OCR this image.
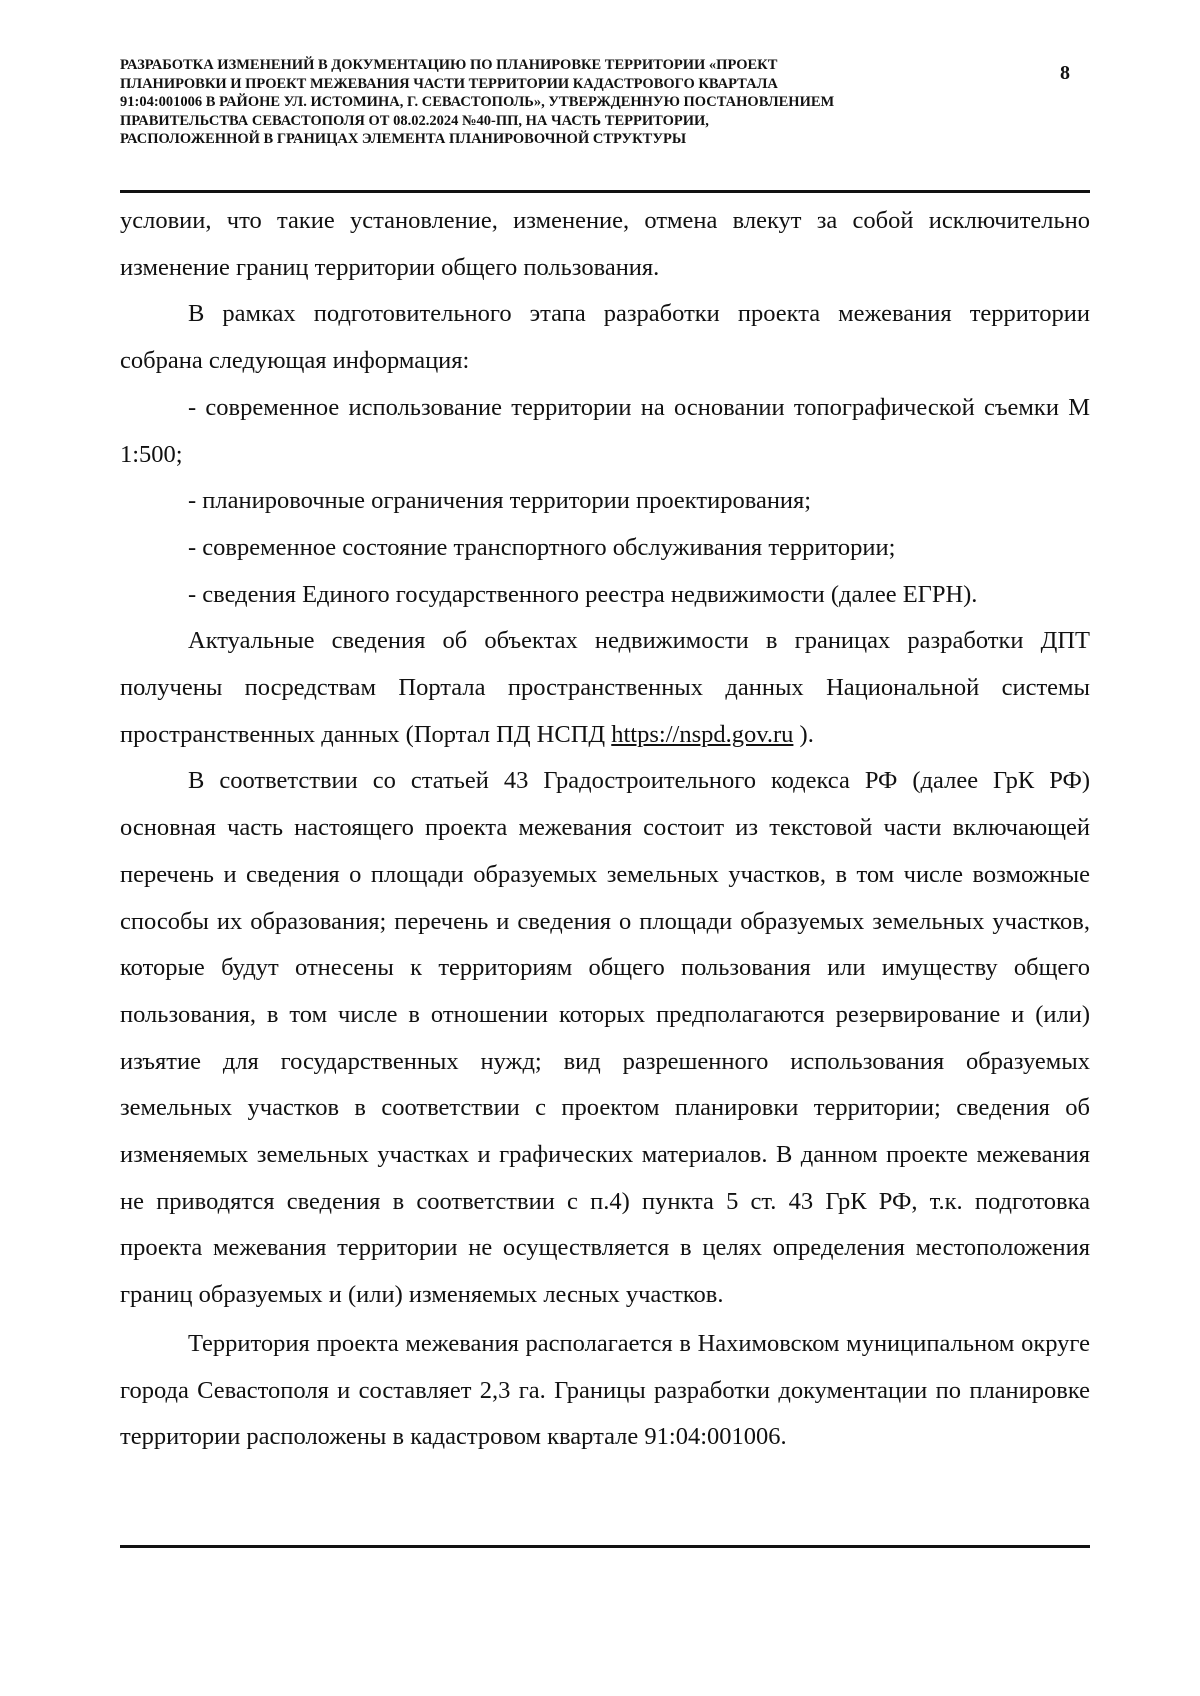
РАЗРАБОТКА ИЗМЕНЕНИЙ В ДОКУМЕНТАЦИЮ ПО ПЛАНИРОВКЕ ТЕРРИТОРИИ «ПРОЕКТ
ПЛАНИРОВКИ И ПРОЕКТ МЕЖЕВАНИЯ ЧАСТИ ТЕРРИТОРИИ КАДАСТРОВОГО КВАРТАЛА
91:04:001006 В РАЙОНЕ УЛ. ИСТОМИНА, Г. СЕВАСТОПОЛЬ», УТВЕРЖДЕННУЮ ПОСТАНОВЛЕНИЕМ
ПРАВИТЕЛЬСТВА СЕВАСТОПОЛЯ ОТ 08.02.2024 №40-ПП, НА ЧАСТЬ ТЕРРИТОРИИ,
РАСПОЛОЖЕННОЙ В ГРАНИЦАХ ЭЛЕМЕНТА ПЛАНИРОВОЧНОЙ СТРУКТУРЫ
8

условии, что такие установление, изменение, отмена влекут за собой исключительно изменение границ территории общего пользования.

В рамках подготовительного этапа разработки проекта межевания территории собрана следующая информация:

- современное использование территории на основании топографической съемки М 1:500;

- планировочные ограничения территории проектирования;

- современное состояние транспортного обслуживания территории;

- сведения Единого государственного реестра недвижимости (далее ЕГРН).

Актуальные сведения об объектах недвижимости в границах разработки ДПТ получены посредствам Портала пространственных данных Национальной системы пространственных данных (Портал ПД НСПД https://nspd.gov.ru ).

В соответствии со статьей 43 Градостроительного кодекса РФ (далее ГрК РФ) основная часть настоящего проекта межевания состоит из текстовой части включающей перечень и сведения о площади образуемых земельных участков, в том числе возможные способы их образования; перечень и сведения о площади образуемых земельных участков, которые будут отнесены к территориям общего пользования или имуществу общего пользования, в том числе в отношении которых предполагаются резервирование и (или) изъятие для государственных нужд; вид разрешенного использования образуемых земельных участков в соответствии с проектом планировки территории; сведения об изменяемых земельных участках и графических материалов. В данном проекте межевания не приводятся сведения в соответствии с п.4) пункта 5 ст. 43 ГрК РФ, т.к. подготовка проекта межевания территории не осуществляется в целях определения местоположения границ образуемых и (или) изменяемых лесных участков.

Территория проекта межевания располагается в Нахимовском муниципальном округе города Севастополя и составляет 2,3 га. Границы разработки документации по планировке территории расположены в кадастровом квартале 91:04:001006.
